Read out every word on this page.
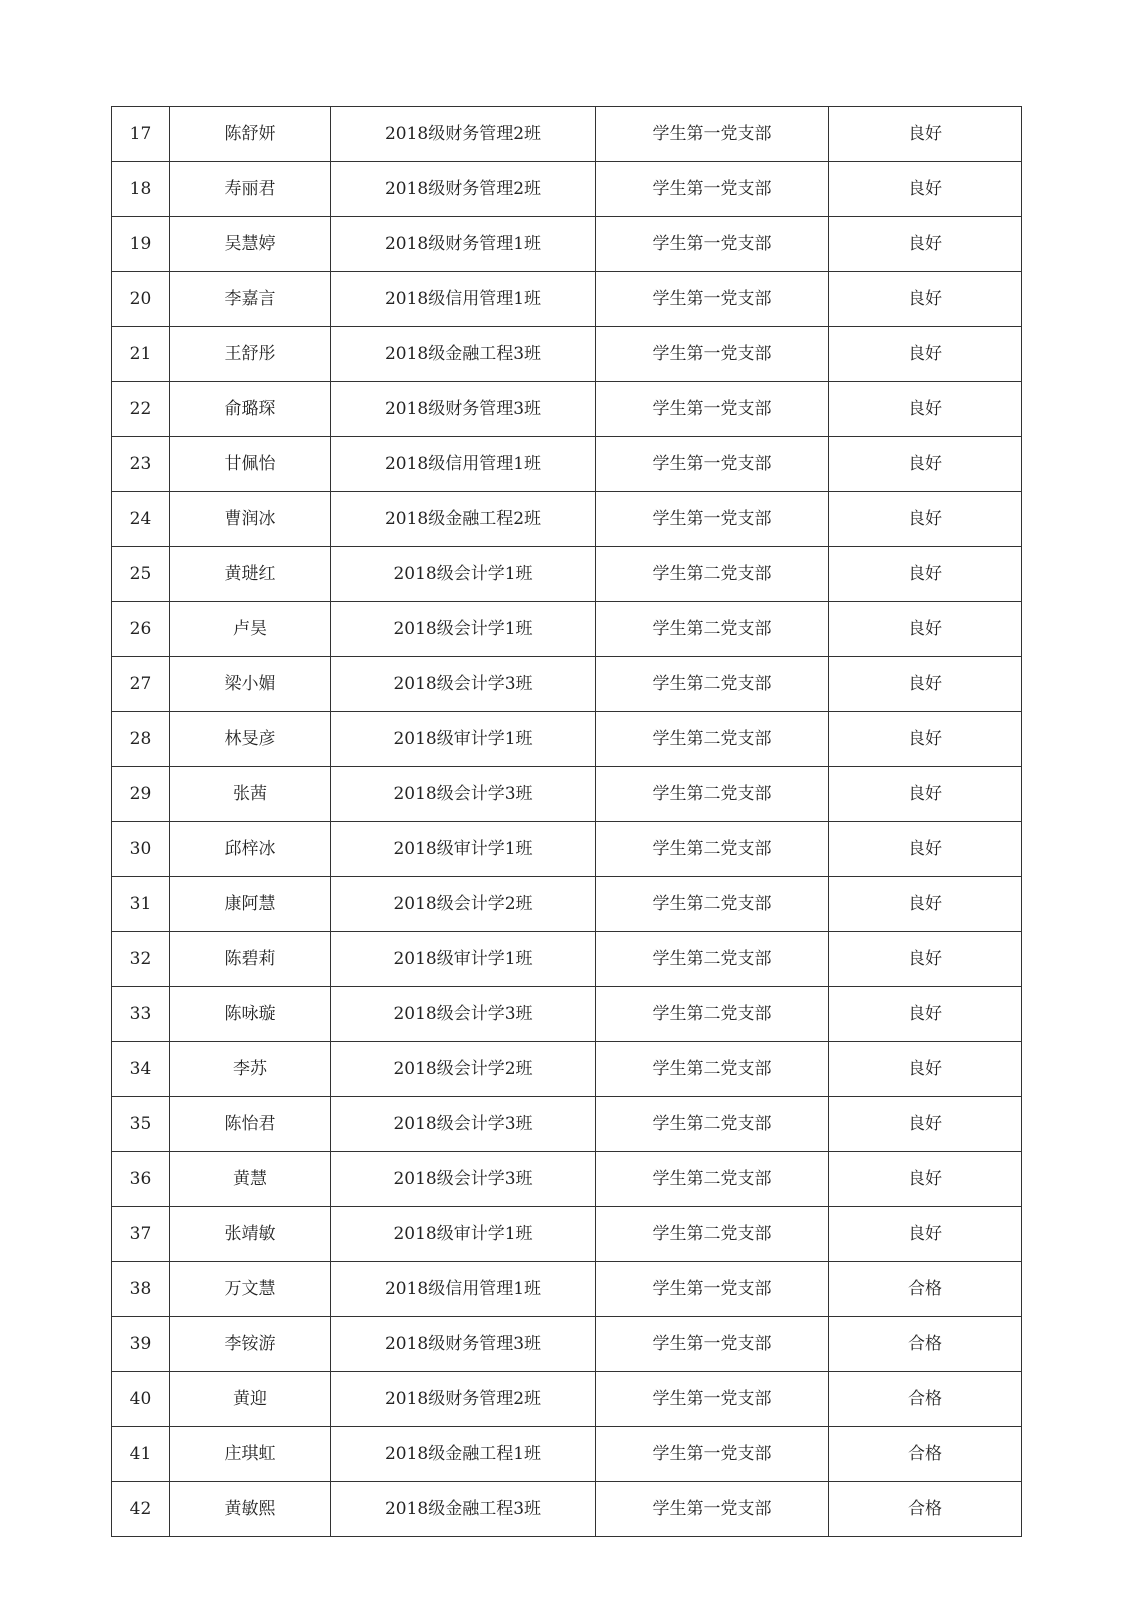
17	陈舒妍	2018级财务管理2班	学生第一党支部	良好
18	寿丽君	2018级财务管理2班	学生第一党支部	良好
19	吴慧婷	2018级财务管理1班	学生第一党支部	良好
20	李嘉言	2018级信用管理1班	学生第一党支部	良好
21	王舒彤	2018级金融工程3班	学生第一党支部	良好
22	俞璐琛	2018级财务管理3班	学生第一党支部	良好
23	甘佩怡	2018级信用管理1班	学生第一党支部	良好
24	曹润冰	2018级金融工程2班	学生第一党支部	良好
25	黄琎红	2018级会计学1班	学生第二党支部	良好
26	卢昊	2018级会计学1班	学生第二党支部	良好
27	梁小媚	2018级会计学3班	学生第二党支部	良好
28	林旻彦	2018级审计学1班	学生第二党支部	良好
29	张茜	2018级会计学3班	学生第二党支部	良好
30	邱梓冰	2018级审计学1班	学生第二党支部	良好
31	康阿慧	2018级会计学2班	学生第二党支部	良好
32	陈碧莉	2018级审计学1班	学生第二党支部	良好
33	陈咏璇	2018级会计学3班	学生第二党支部	良好
34	李苏	2018级会计学2班	学生第二党支部	良好
35	陈怡君	2018级会计学3班	学生第二党支部	良好
36	黄慧	2018级会计学3班	学生第二党支部	良好
37	张靖敏	2018级审计学1班	学生第二党支部	良好
38	万文慧	2018级信用管理1班	学生第一党支部	合格
39	李铵游	2018级财务管理3班	学生第一党支部	合格
40	黄迎	2018级财务管理2班	学生第一党支部	合格
41	庄琪虹	2018级金融工程1班	学生第一党支部	合格
42	黄敏熙	2018级金融工程3班	学生第一党支部	合格
